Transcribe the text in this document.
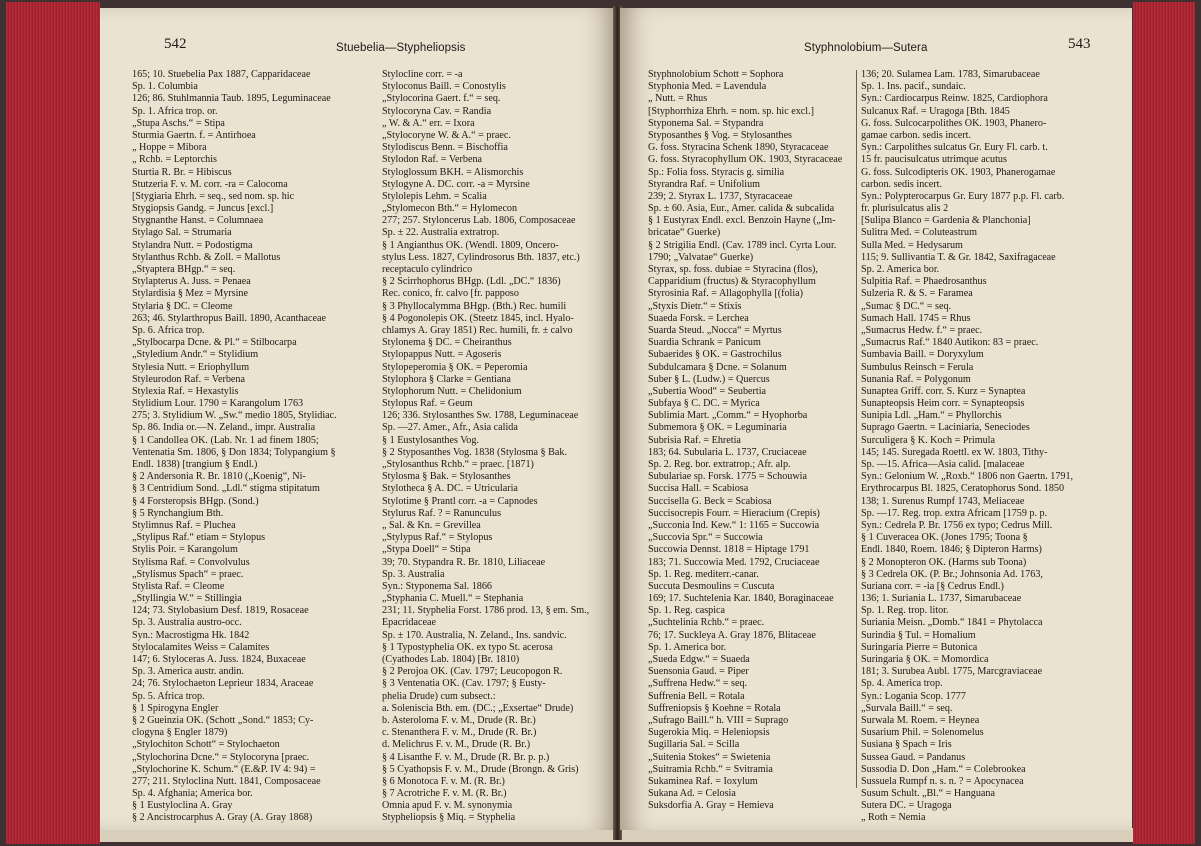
542	Stuebelia—Stypheliopsis
165; 10. Stuebelia Pax 1887, Capparidaceae
Sp. 1. Columbia
126; 86. Stuhlmannia Taub. 1895, Leguminaceae
Sp. 1. Africa trop. or.
„Stupa Aschs.“ = Stipa
Sturmia Gaertn. f. = Antirhoea
„ Hoppe = Mibora
„ Rchb. = Leptorchis
Sturtia R. Br. = Hibiscus
Stutzeria F. v. M. corr. -ra = Calocoma
[Stygiaria Ehrh. = seq., sed nom. sp. hic
Stygiopsis Gandg. = Juncus [excl.]
Stygnanthe Hanst. = Columnaea
Stylago Sal. = Strumaria
Stylandra Nutt. = Podostigma
Stylanthus Rchb. & Zoll. = Mallotus
„Styaptera BHgp.“ = seq.
Stylapterus A. Juss. = Penaea
Stylardisia § Mez = Myrsine
Stylaria § DC. = Cleome
263; 46. Stylarthropus Baill. 1890, Acanthaceae
Sp. 6. Africa trop.
„Stylbocarpa Dcne. & Pl.“ = Stilbocarpa
„Styledium Andr.“ = Stylidium
Stylesia Nutt. = Eriophyllum
Styleurodon Raf. = Verbena
Stylexia Raf. = Hexastylis
Stylidium Lour. 1790 = Karangolum 1763
275; 3. Stylidium W. „Sw.“ medio 1805, Stylidiac.
Sp. 86. India or.—N. Zeland., impr. Australia
§ 1 Candollea OK. (Lab. Nr. 1 ad finem 1805;
Ventenatia Sm. 1806, § Don 1834; Tolypangium §
Endl. 1838) [trangium § Endl.)
§ 2 Andersonia R. Br. 1810 („Koenig“, Ni-
§ 3 Centridium Sond. „Ldl.“ stigma stipitatum
§ 4 Forsteropsis BHgp. (Sond.)
§ 5 Rynchangium Bth.
Stylimnus Raf. = Pluchea
„Stylipus Raf.“ etiam = Stylopus
Stylis Poir. = Karangolum
Stylisma Raf. = Convolvulus
„Stylismus Spach“ = praec.
Stylista Raf. = Cleome
„Styllingia W.“ = Stillingia
124; 73. Stylobasium Desf. 1819, Rosaceae
Sp. 3. Australia austro-occ.
Syn.: Macrostigma Hk. 1842
Stylocalamites Weiss = Calamites
147; 6. Styloceras A. Juss. 1824, Buxaceae
Sp. 3. America austr. andin.
24; 76. Stylochaeton Leprieur 1834, Araceae
Sp. 5. Africa trop.
§ 1 Spirogyna Engler
§ 2 Gueinzia OK. (Schott „Sond.“ 1853; Cy-
clogyna § Engler 1879)
„Stylochiton Schott“ = Stylochaeton
„Stylochorina Dcne.“ = Stylocoryna [praec.
„Stylochorine K. Schum.“ (E.&P. IV 4: 94) =
277; 211. Styloclina Nutt. 1841, Composaceae
Sp. 4. Afghania; America bor.
§ 1 Eustyloclina A. Gray
§ 2 Ancistrocarphus A. Gray (A. Gray 1868)
Stylocline corr. = -a
Styloconus Baill. = Conostylis
„Stylocorina Gaert. f.“ = seq.
Stylocoryna Cav. = Randia
„ W. & A.“ err. = Ixora
„Stylocoryne W. & A.“ = praec.
Stylodiscus Benn. = Bischoffia
Stylodon Raf. = Verbena
Styloglossum BKH. = Alismorchis
Stylogyne A. DC. corr. -a = Myrsine
Stylolepis Lehm. = Scalia
„Stylomecon Bth.“ = Hylomecon
277; 257. Styloncerus Lab. 1806, Composaceae
Sp. ± 22. Australia extratrop.
§ 1 Angianthus OK. (Wendl. 1809, Oncero-
stylus Less. 1827, Cylindrosorus Bth. 1837, etc.)
receptaculo cylindrico
§ 2 Scirrhophorus BHgp. (Ldl. „DC.“ 1836)
Rec. conico, fr. calvo [fr. papposo
§ 3 Phyllocalymma BHgp. (Bth.) Rec. humili
§ 4 Pogonolepis OK. (Steetz 1845, incl. Hyalo-
chlamys A. Gray 1851) Rec. humili, fr. ± calvo
Stylonema § DC. = Cheiranthus
Stylopappus Nutt. = Agoseris
Stylopeperomia § OK. = Peperomia
Stylophora § Clarke = Gentiana
Stylophorum Nutt. = Chelidonium
Stylopus Raf. = Geum
126; 336. Stylosanthes Sw. 1788, Leguminaceae
Sp. —27. Amer., Afr., Asia calida
§ 1 Eustylosanthes Vog.
§ 2 Styposanthes Vog. 1838 (Stylosma § Bak.
„Stylosanthus Rchb.“ = praec. [1871)
Stylosma § Bak. = Stylosanthes
Stylotheca § A. DC. = Utricularia
Stylotime § Prantl corr. -a = Capnodes
Stylurus Raf. ? = Ranunculus
„ Sal. & Kn. = Grevillea
„Stylypus Raf.“ = Stylopus
„Stypa Doell“ = Stipa
39; 70. Stypandra R. Br. 1810, Liliaceae
Sp. 3. Australia
Syn.: Styponema Sal. 1866
„Styphania C. Muell.“ = Stephania
231; 11. Styphelia Forst. 1786 prod. 13, § em. Sm.,
Epacridaceae
Sp. ± 170. Australia, N. Zeland., Ins. sandvic.
§ 1 Typostyphelia OK. ex typo St. acerosa
(Cyathodes Lab. 1804) [Br. 1810)
§ 2 Perojoa OK. (Cav. 1797; Leucopogon R.
§ 3 Ventenatia OK. (Cav. 1797; § Eusty-
phelia Drude) cum subsect.:
a. Soleniscia Bth. em. (DC.; „Exsertae“ Drude)
b. Asteroloma F. v. M., Drude (R. Br.)
c. Stenanthera F. v. M., Drude (R. Br.)
d. Melichrus F. v. M., Drude (R. Br.)
§ 4 Lisanthe F. v. M., Drude (R. Br. p. p.)
§ 5 Cyathopsis F. v. M., Drude (Brongn. & Gris)
§ 6 Monotoca F. v. M. (R. Br.)
§ 7 Acrotriche F. v. M. (R. Br.)
Omnia apud F. v. M. synonymia
Stypheliopsis § Miq. = Styphelia
Styphnolobium—Sutera	543
Styphnolobium Schott = Sophora
Styphonia Med. = Lavendula
„ Nutt. = Rhus
[Styphorrhiza Ehrh. = nom. sp. hic excl.]
Styponema Sal. = Stypandra
Styposanthes § Vog. = Stylosanthes
G. foss. Styracina Schenk 1890, Styracaceae
G. foss. Styracophyllum OK. 1903, Styracaceae
Sp.: Folia foss. Styracis g. similia
Styrandra Raf. = Unifolium
239; 2. Styrax L. 1737, Styracaceae
Sp. ± 60. Asia, Eur., Amer. calida & subcalida
§ 1 Eustyrax Endl. excl. Benzoin Hayne („Im-
bricatae“ Guerke)
§ 2 Strigilia Endl. (Cav. 1789 incl. Cyrta Lour.
1790; „Valvatae“ Guerke)
Styrax, sp. foss. dubiae = Styracina (flos),
Capparidium (fructus) & Styracophyllum
Styrosinia Raf. = Allagophylla [(folia)
„Styxis Dietr.“ = Stixis
Suaeda Forsk. = Lerchea
Suarda Steud. „Nocca“ = Myrtus
Suardia Schrank = Panicum
Subaerides § OK. = Gastrochilus
Subdulcamara § Dcne. = Solanum
Suber § L. (Ludw.) = Quercus
„Subertia Wood“ = Seubertia
Subfaya § C. DC. = Myrica
Sublimia Mart. „Comm.“ = Hyophorba
Submemora § OK. = Leguminaria
Subrisia Raf. = Ehretia
183; 64. Subularia L. 1737, Cruciaceae
Sp. 2. Reg. bor. extratrop.; Afr. alp.
Subulariae sp. Forsk. 1775 = Schouwia
Succisa Hall. = Scabiosa
Succisella G. Beck = Scabiosa
Succisocrepis Fourr. = Hieracium (Crepis)
„Succonia Ind. Kew.“ 1: 1165 = Succowia
„Succovia Spr.“ = Succowia
Succowia Dennst. 1818 = Hiptage 1791
183; 71. Succowia Med. 1792, Cruciaceae
Sp. 1. Reg. mediterr.-canar.
Succuta Desmoulins = Cuscuta
169; 17. Suchtelenia Kar. 1840, Boraginaceae
Sp. 1. Reg. caspica
„Suchtelinia Rchb.“ = praec.
76; 17. Suckleya A. Gray 1876, Blitaceae
Sp. 1. America bor.
„Sueda Edgw.“ = Suaeda
Suensonia Gaud. = Piper
„Suffrena Hedw.“ = seq.
Suffrenia Bell. = Rotala
Suffreniopsis § Koehne = Rotala
„Sufrago Baill.“ h. VIII = Suprago
Sugerokia Miq. = Heleniopsis
Sugillaria Sal. = Scilla
„Suitenia Stokes“ = Swietenia
„Suitramia Rchb.“ = Svitramia
Sukaminea Raf. = Ioxylum
Sukana Ad. = Celosia
Suksdorfia A. Gray = Hemieva
136; 20. Sulamea Lam. 1783, Simarubaceae
Sp. 1. Ins. pacif., sundaic.
Syn.: Cardiocarpus Reinw. 1825, Cardiophora
Sulcanux Raf. = Uragoga [Bth. 1845
G. foss. Sulcocarpolithes OK. 1903, Phanero-
gamae carbon. sedis incert.
Syn.: Carpolithes sulcatus Gr. Eury Fl. carb. t.
15 fr. paucisulcatus utrimque acutus
G. foss. Sulcodipteris OK. 1903, Phanerogamae
carbon. sedis incert.
Syn.: Polypterocarpus Gr. Eury 1877 p.p. Fl. carb.
fr. plurisulcatus alis 2
[Sulipa Blanco = Gardenia & Planchonia]
Sulitra Med. = Coluteastrum
Sulla Med. = Hedysarum
115; 9. Sullivantia T. & Gr. 1842, Saxifragaceae
Sp. 2. America bor.
Sulpitia Raf. = Phaedrosanthus
Sulzeria R. & S. = Faramea
„Sumac § DC.“ = seq.
Sumach Hall. 1745 = Rhus
„Sumacrus Hedw. f.“ = praec.
„Sumacrus Raf.“ 1840 Autikon: 83 = praec.
Sumbavia Baill. = Doryxylum
Sumbulus Reinsch = Ferula
Sunania Raf. = Polygonum
Sunaptea Griff. corr. S. Kurz = Synaptea
Sunapteopsis Heim corr. = Synapteopsis
Sunipia Ldl. „Ham.“ = Phyllorchis
Suprago Gaertn. = Laciniaria, Seneciodes
Surculigera § K. Koch = Primula
145; 145. Suregada Roettl. ex W. 1803, Tithy-
Sp. —15. Africa—Asia calid. [malaceae
Syn.: Gelonium W. „Roxb.“ 1806 non Gaertn. 1791,
Erythrocarpus Bl. 1825, Ceratophorus Sond. 1850
138; 1. Surenus Rumpf 1743, Meliaceae
Sp. —17. Reg. trop. extra Africam [1759 p. p.
Syn.: Cedrela P. Br. 1756 ex typo; Cedrus Mill.
§ 1 Cuveracea OK. (Jones 1795; Toona §
Endl. 1840, Roem. 1846; § Dipteron Harms)
§ 2 Monopteron OK. (Harms sub Toona)
§ 3 Cedrela OK. (P. Br.; Johnsonia Ad. 1763,
Suriana corr. = -ia [§ Cedrus Endl.)
136; 1. Suriania L. 1737, Simarubaceae
Sp. 1. Reg. trop. litor.
Suriania Meisn. „Domb.“ 1841 = Phytolacca
Surindia § Tul. = Homalium
Suringaria Pierre = Butonica
Suringaria § OK. = Momordica
181; 3. Surubea Aubl. 1775, Marcgraviaceae
Sp. 4. America trop.
Syn.: Logania Scop. 1777
„Survala Baill.“ = seq.
Surwala M. Roem. = Heynea
Susarium Phil. = Solenomelus
Susiana § Spach = Iris
Sussea Gaud. = Pandanus
Sussodia D. Don „Ham.“ = Colebrookea
Sussuela Rumpf n. s. n. ? = Apocynacea
Susum Schult. „Bl.“ = Hanguana
Sutera DC. = Uragoga
„ Roth = Nemia
